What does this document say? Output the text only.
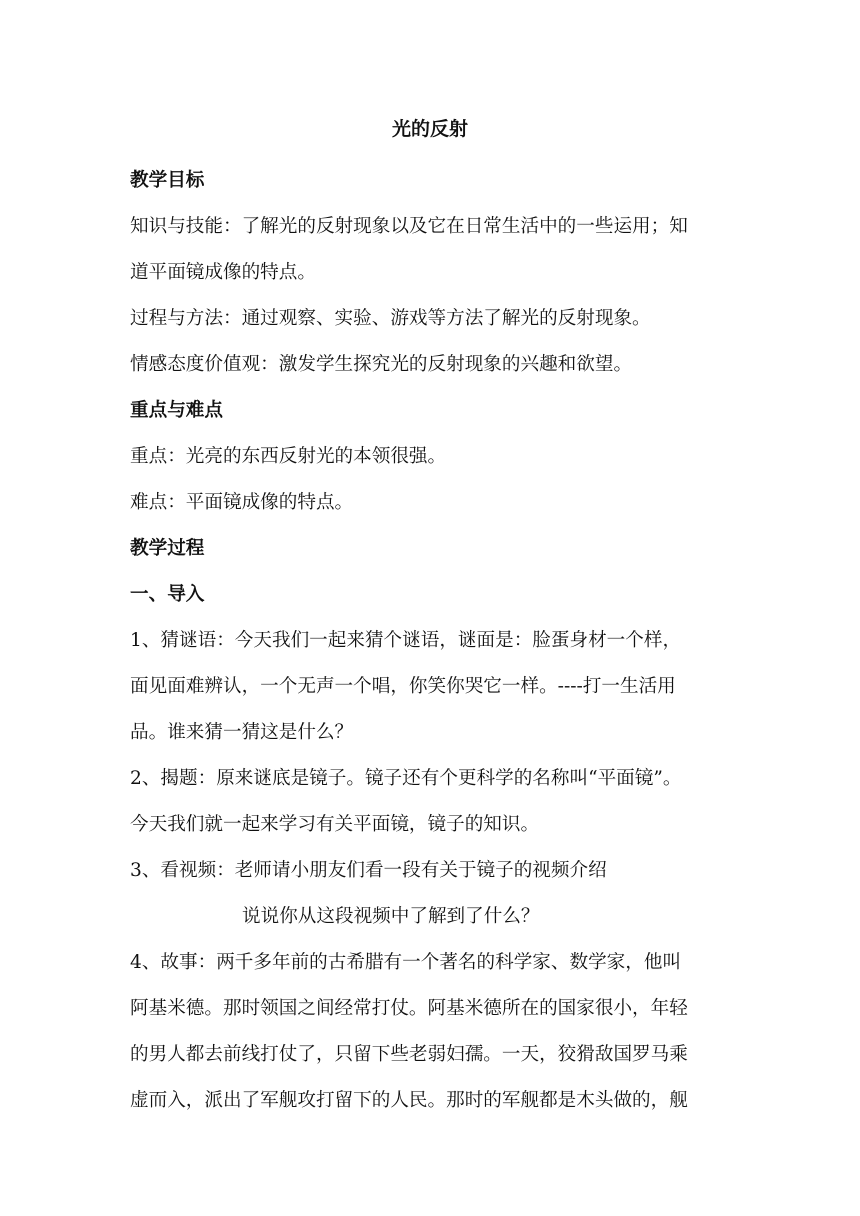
光的反射

教学目标

知识与技能：了解光的反射现象以及它在日常生活中的一些运用；知

道平面镜成像的特点。

过程与方法：通过观察、实验、游戏等方法了解光的反射现象。

情感态度价值观：激发学生探究光的反射现象的兴趣和欲望。

重点与难点

重点：光亮的东西反射光的本领很强。

难点：平面镜成像的特点。

教学过程

一、导入

1、猜谜语：今天我们一起来猜个谜语，谜面是：脸蛋身材一个样，

面见面难辨认，一个无声一个唱，你笑你哭它一样。----打一生活用

品。谁来猜一猜这是什么？

2、揭题：原来谜底是镜子。镜子还有个更科学的名称叫“平面镜”。

今天我们就一起来学习有关平面镜，镜子的知识。

3、看视频：老师请小朋友们看一段有关于镜子的视频介绍

说说你从这段视频中了解到了什么？

4、故事：两千多年前的古希腊有一个著名的科学家、数学家，他叫

阿基米德。那时领国之间经常打仗。阿基米德所在的国家很小，年轻

的男人都去前线打仗了，只留下些老弱妇孺。一天，狡猾敌国罗马乘

虚而入，派出了军舰攻打留下的人民。那时的军舰都是木头做的，舰
